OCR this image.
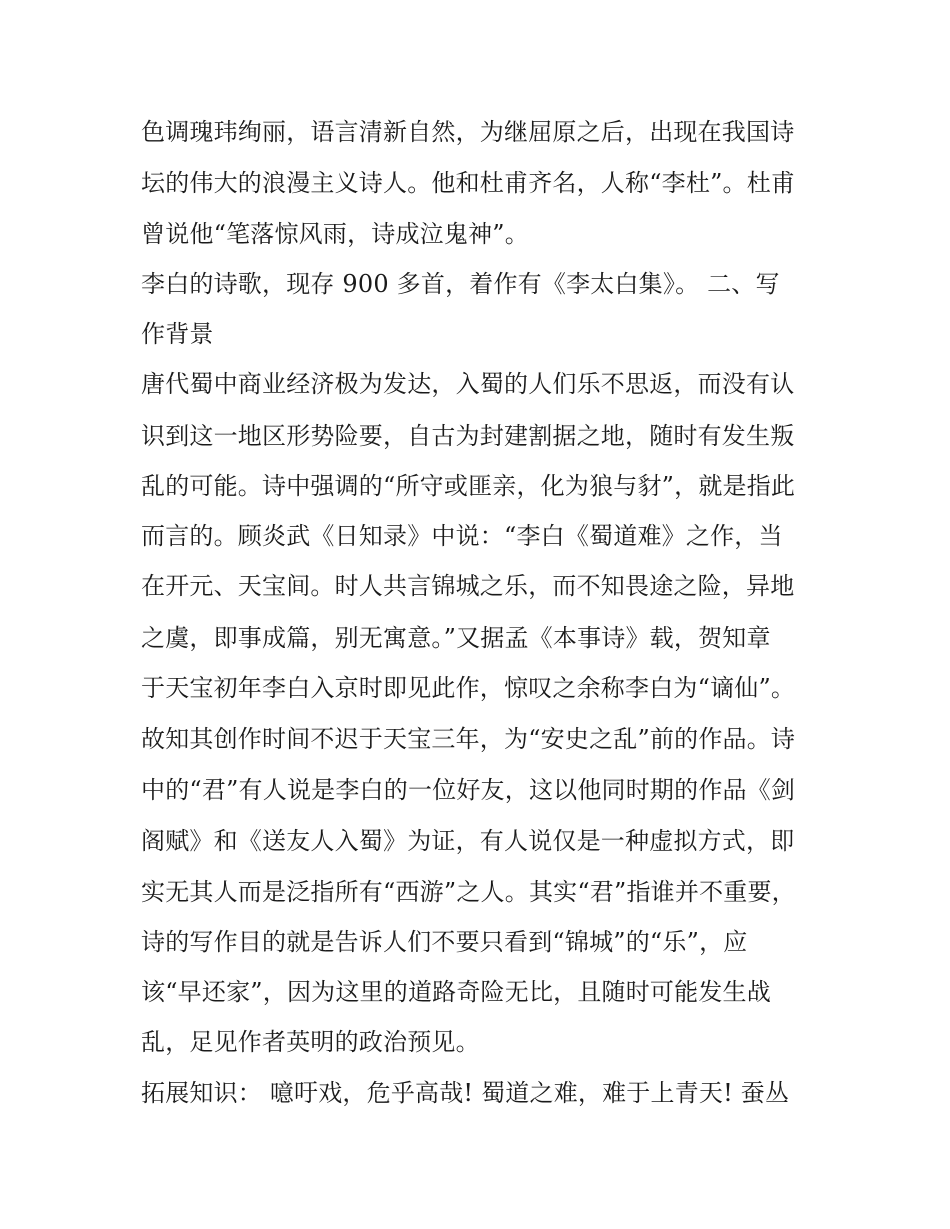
色调瑰玮绚丽，语言清新自然，为继屈原之后，出现在我国诗
坛的伟大的浪漫主义诗人。他和杜甫齐名，人称“李杜”。杜甫
曾说他“笔落惊风雨，诗成泣鬼神”。
李白的诗歌，现存 900 多首，着作有《李太白集》。 二、写
作背景
唐代蜀中商业经济极为发达，入蜀的人们乐不思返，而没有认
识到这一地区形势险要，自古为封建割据之地，随时有发生叛
乱的可能。诗中强调的“所守或匪亲，化为狼与豺”，就是指此
而言的。顾炎武《日知录》中说：“李白《蜀道难》之作，当
在开元、天宝间。时人共言锦城之乐，而不知畏途之险，异地
之虞，即事成篇，别无寓意。”又据孟《本事诗》载，贺知章
于天宝初年李白入京时即见此作，惊叹之余称李白为“谪仙”。
故知其创作时间不迟于天宝三年，为“安史之乱”前的作品。诗
中的“君”有人说是李白的一位好友，这以他同时期的作品《剑
阁赋》和《送友人入蜀》为证，有人说仅是一种虚拟方式，即
实无其人而是泛指所有“西游”之人。其实“君”指谁并不重要，
诗的写作目的就是告诉人们不要只看到“锦城”的“乐”，应
该“早还家”，因为这里的道路奇险无比，且随时可能发生战
乱，足见作者英明的政治预见。
拓展知识： 噫吁戏，危乎高哉! 蜀道之难，难于上青天! 蚕丛
